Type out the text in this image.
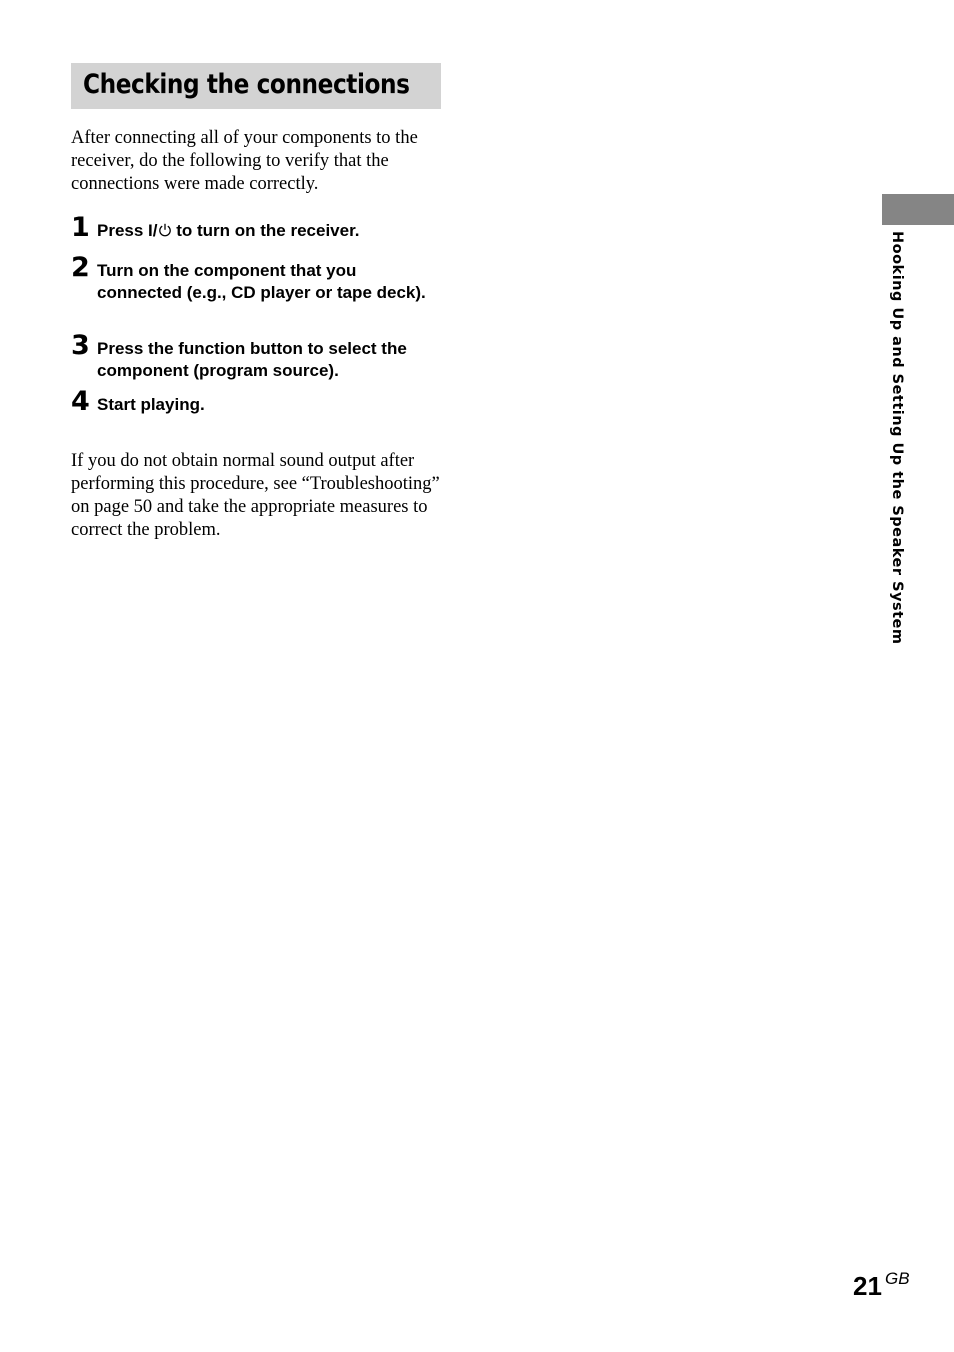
Checking the connections

After connecting all of your components to the receiver, do the following to verify that the connections were made correctly.

1 Press I/ to turn on the receiver.
2 Turn on the component that you connected (e.g., CD player or tape deck).
3 Press the function button to select the component (program source).
4 Start playing.

If you do not obtain normal sound output after performing this procedure, see “Troubleshooting” on page 50 and take the appropriate measures to correct the problem.	Hooking Up and Setting Up the Speaker System
21 GB
